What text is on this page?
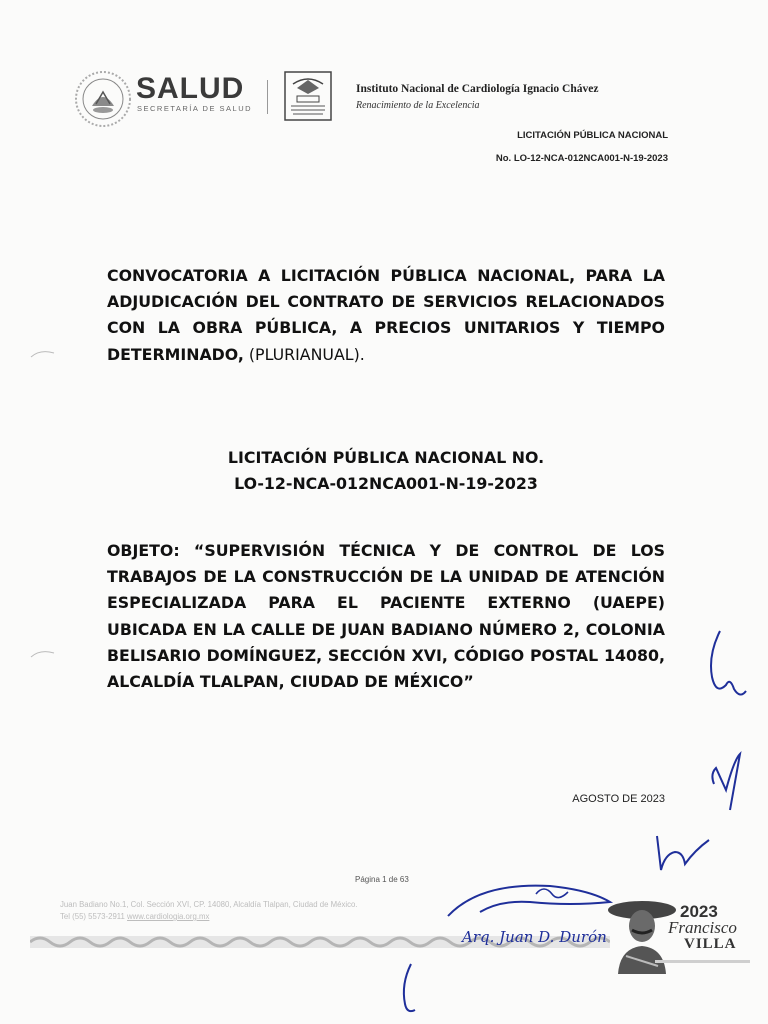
SALUD
SECRETARÍA DE SALUD
Instituto Nacional de Cardiología Ignacio Chávez
Renacimiento de la Excelencia
LICITACIÓN PÚBLICA NACIONAL
No. LO-12-NCA-012NCA001-N-19-2023
CONVOCATORIA A LICITACIÓN PÚBLICA NACIONAL, PARA LA ADJUDICACIÓN DEL CONTRATO DE SERVICIOS RELACIONADOS CON LA OBRA PÚBLICA, A PRECIOS UNITARIOS Y TIEMPO DETERMINADO, (PLURIANUAL).
LICITACIÓN PÚBLICA NACIONAL NO.
LO-12-NCA-012NCA001-N-19-2023
OBJETO: “SUPERVISIÓN TÉCNICA Y DE CONTROL DE LOS TRABAJOS DE LA CONSTRUCCIÓN DE LA UNIDAD DE ATENCIÓN ESPECIALIZADA PARA EL PACIENTE EXTERNO (UAEPE) UBICADA EN LA CALLE DE JUAN BADIANO NÚMERO 2, COLONIA BELISARIO DOMÍNGUEZ, SECCIÓN XVI, CÓDIGO POSTAL 14080, ALCALDÍA TLALPAN, CIUDAD DE MÉXICO”
AGOSTO DE 2023
Página 1 de 63
Juan Badiano No.1, Col. Sección XVI, CP. 14080, Alcaldía Tlalpan, Ciudad de México.
Tel (55) 5573-2911 www.cardiologia.org.mx
Arq. Juan D. Durón
2023
Francisco
VILLA
